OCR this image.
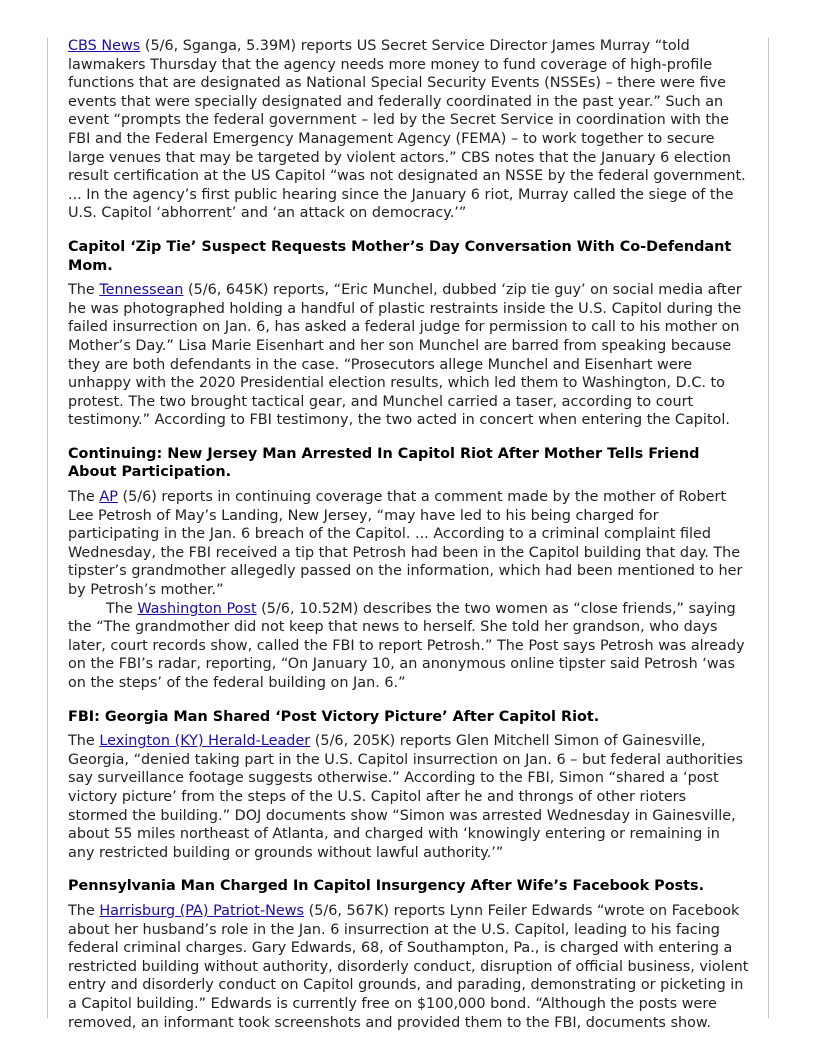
CBS News (5/6, Sganga, 5.39M) reports US Secret Service Director James Murray “told lawmakers Thursday that the agency needs more money to fund coverage of high-profile functions that are designated as National Special Security Events (NSSEs) – there were five events that were specially designated and federally coordinated in the past year.” Such an event “prompts the federal government – led by the Secret Service in coordination with the FBI and the Federal Emergency Management Agency (FEMA) – to work together to secure large venues that may be targeted by violent actors.” CBS notes that the January 6 election result certification at the US Capitol “was not designated an NSSE by the federal government. ... In the agency’s first public hearing since the January 6 riot, Murray called the siege of the U.S. Capitol ‘abhorrent’ and ‘an attack on democracy.’”

Capitol ‘Zip Tie’ Suspect Requests Mother’s Day Conversation With Co-Defendant Mom.

The Tennessean (5/6, 645K) reports, “Eric Munchel, dubbed ‘zip tie guy’ on social media after he was photographed holding a handful of plastic restraints inside the U.S. Capitol during the failed insurrection on Jan. 6, has asked a federal judge for permission to call to his mother on Mother’s Day.” Lisa Marie Eisenhart and her son Munchel are barred from speaking because they are both defendants in the case. “Prosecutors allege Munchel and Eisenhart were unhappy with the 2020 Presidential election results, which led them to Washington, D.C. to protest. The two brought tactical gear, and Munchel carried a taser, according to court testimony.” According to FBI testimony, the two acted in concert when entering the Capitol.

Continuing: New Jersey Man Arrested In Capitol Riot After Mother Tells Friend About Participation.

The AP (5/6) reports in continuing coverage that a comment made by the mother of Robert Lee Petrosh of May’s Landing, New Jersey, “may have led to his being charged for participating in the Jan. 6 breach of the Capitol. ... According to a criminal complaint filed Wednesday, the FBI received a tip that Petrosh had been in the Capitol building that day. The tipster’s grandmother allegedly passed on the information, which had been mentioned to her by Petrosh’s mother.”

The Washington Post (5/6, 10.52M) describes the two women as “close friends,” saying the “The grandmother did not keep that news to herself. She told her grandson, who days later, court records show, called the FBI to report Petrosh.” The Post says Petrosh was already on the FBI’s radar, reporting, “On January 10, an anonymous online tipster said Petrosh ‘was on the steps’ of the federal building on Jan. 6.”

FBI: Georgia Man Shared ‘Post Victory Picture’ After Capitol Riot.

The Lexington (KY) Herald-Leader (5/6, 205K) reports Glen Mitchell Simon of Gainesville, Georgia, “denied taking part in the U.S. Capitol insurrection on Jan. 6 – but federal authorities say surveillance footage suggests otherwise.” According to the FBI, Simon “shared a ‘post victory picture’ from the steps of the U.S. Capitol after he and throngs of other rioters stormed the building.” DOJ documents show “Simon was arrested Wednesday in Gainesville, about 55 miles northeast of Atlanta, and charged with ‘knowingly entering or remaining in any restricted building or grounds without lawful authority.’”

Pennsylvania Man Charged In Capitol Insurgency After Wife’s Facebook Posts.

The Harrisburg (PA) Patriot-News (5/6, 567K) reports Lynn Feiler Edwards “wrote on Facebook about her husband’s role in the Jan. 6 insurrection at the U.S. Capitol, leading to his facing federal criminal charges. Gary Edwards, 68, of Southampton, Pa., is charged with entering a restricted building without authority, disorderly conduct, disruption of official business, violent entry and disorderly conduct on Capitol grounds, and parading, demonstrating or picketing in a Capitol building.” Edwards is currently free on $100,000 bond. “Although the posts were removed, an informant took screenshots and provided them to the FBI, documents show.
